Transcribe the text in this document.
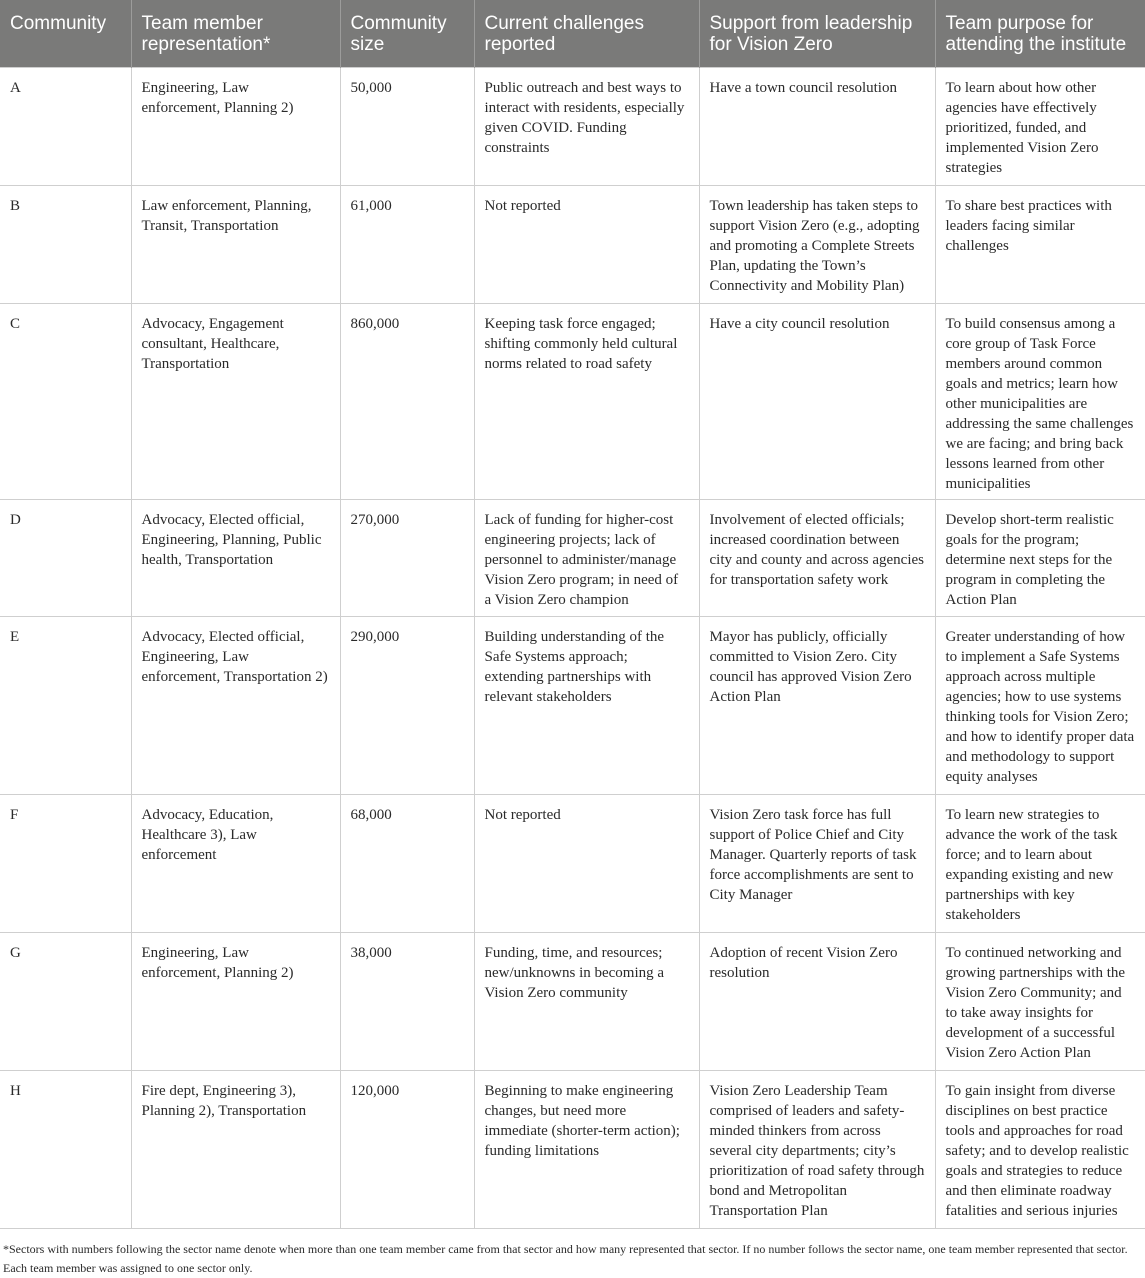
Community	Team member representation*	Community size	Current challenges reported	Support from leadership for Vision Zero	Team purpose for attending the institute
A	Engineering, Law enforcement, Planning 2)	50,000	Public outreach and best ways to interact with residents, especially given COVID. Funding constraints	Have a town council resolution	To learn about how other agencies have effectively prioritized, funded, and implemented Vision Zero strategies
B	Law enforcement, Planning, Transit, Transportation	61,000	Not reported	Town leadership has taken steps to support Vision Zero (e.g., adopting and promoting a Complete Streets Plan, updating the Town’s Connectivity and Mobility Plan)	To share best practices with leaders facing similar challenges
C	Advocacy, Engagement consultant, Healthcare, Transportation	860,000	Keeping task force engaged; shifting commonly held cultural norms related to road safety	Have a city council resolution	To build consensus among a core group of Task Force members around common goals and metrics; learn how other municipalities are addressing the same challenges we are facing; and bring back lessons learned from other municipalities
D	Advocacy, Elected official, Engineering, Planning, Public health, Transportation	270,000	Lack of funding for higher-cost engineering projects; lack of personnel to administer/manage Vision Zero program; in need of a Vision Zero champion	Involvement of elected officials; increased coordination between city and county and across agencies for transportation safety work	Develop short-term realistic goals for the program; determine next steps for the program in completing the Action Plan
E	Advocacy, Elected official, Engineering, Law enforcement, Transportation 2)	290,000	Building understanding of the Safe Systems approach; extending partnerships with relevant stakeholders	Mayor has publicly, officially committed to Vision Zero. City council has approved Vision Zero Action Plan	Greater understanding of how to implement a Safe Systems approach across multiple agencies; how to use systems thinking tools for Vision Zero; and how to identify proper data and methodology to support equity analyses
F	Advocacy, Education, Healthcare 3), Law enforcement	68,000	Not reported	Vision Zero task force has full support of Police Chief and City Manager. Quarterly reports of task force accomplishments are sent to City Manager	To learn new strategies to advance the work of the task force; and to learn about expanding existing and new partnerships with key stakeholders
G	Engineering, Law enforcement, Planning 2)	38,000	Funding, time, and resources; new/unknowns in becoming a Vision Zero community	Adoption of recent Vision Zero resolution	To continued networking and growing partnerships with the Vision Zero Community; and to take away insights for development of a successful Vision Zero Action Plan
H	Fire dept, Engineering 3), Planning 2), Transportation	120,000	Beginning to make engineering changes, but need more immediate (shorter-term action); funding limitations	Vision Zero Leadership Team comprised of leaders and safety-minded thinkers from across several city departments; city’s prioritization of road safety through bond and Metropolitan Transportation Plan	To gain insight from diverse disciplines on best practice tools and approaches for road safety; and to develop realistic goals and strategies to reduce and then eliminate roadway fatalities and serious injuries
*Sectors with numbers following the sector name denote when more than one team member came from that sector and how many represented that sector. If no number follows the sector name, one team member represented that sector. Each team member was assigned to one sector only.
